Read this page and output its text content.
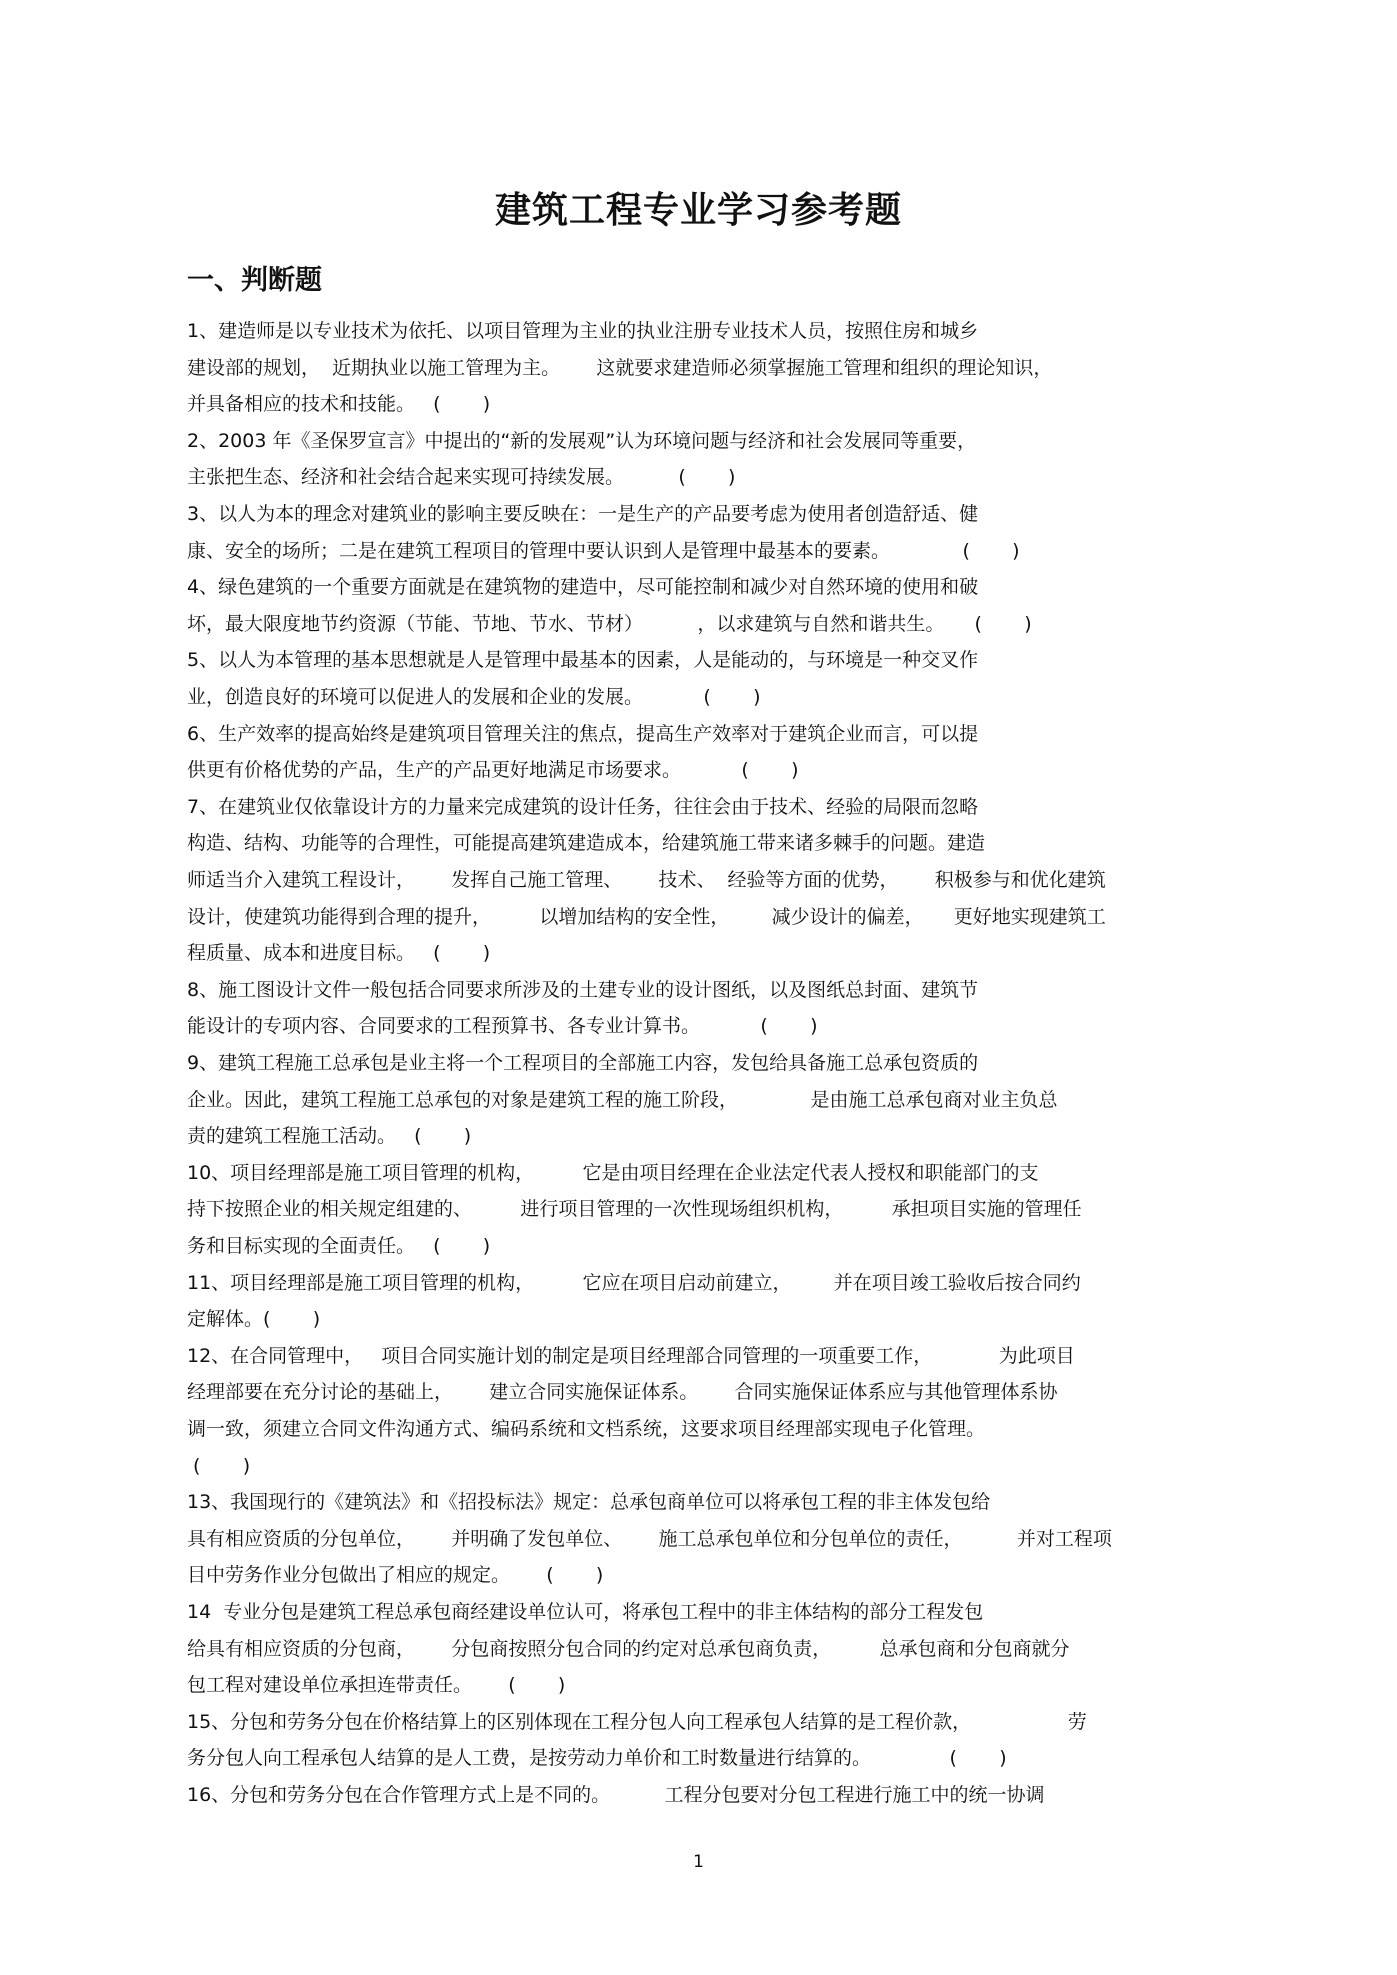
建筑工程专业学习参考题
一、判断题
1、建造师是以专业技术为依托、以项目管理为主业的执业注册专业技术人员，按照住房和城乡
建设部的规划，  近期执业以施工管理为主。      这就要求建造师必须掌握施工管理和组织的理论知识，
并具备相应的技术和技能。   (       )
2、2003 年《圣保罗宣言》中提出的“新的发展观”认为环境问题与经济和社会发展同等重要，
主张把生态、经济和社会结合起来实现可持续发展。         (       )
3、以人为本的理念对建筑业的影响主要反映在：一是生产的产品要考虑为使用者创造舒适、健
康、安全的场所；二是在建筑工程项目的管理中要认识到人是管理中最基本的要素。            (       )
4、绿色建筑的一个重要方面就是在建筑物的建造中，尽可能控制和减少对自然环境的使用和破
坏，最大限度地节约资源（节能、节地、节水、节材）         ，以求建筑与自然和谐共生。     (       )
5、以人为本管理的基本思想就是人是管理中最基本的因素，人是能动的，与环境是一种交叉作
业，创造良好的环境可以促进人的发展和企业的发展。          (       )
6、生产效率的提高始终是建筑项目管理关注的焦点，提高生产效率对于建筑企业而言，可以提
供更有价格优势的产品，生产的产品更好地满足市场要求。          (       )
7、在建筑业仅依靠设计方的力量来完成建筑的设计任务，往往会由于技术、经验的局限而忽略
构造、结构、功能等的合理性，可能提高建筑建造成本，给建筑施工带来诸多棘手的问题。建造
师适当介入建筑工程设计，      发挥自己施工管理、      技术、  经验等方面的优势，      积极参与和优化建筑
设计，使建筑功能得到合理的提升，        以增加结构的安全性，       减少设计的偏差，     更好地实现建筑工
程质量、成本和进度目标。   (       )
8、施工图设计文件一般包括合同要求所涉及的土建专业的设计图纸，以及图纸总封面、建筑节
能设计的专项内容、合同要求的工程预算书、各专业计算书。          (       )
9、建筑工程施工总承包是业主将一个工程项目的全部施工内容，发包给具备施工总承包资质的
企业。因此，建筑工程施工总承包的对象是建筑工程的施工阶段，            是由施工总承包商对业主负总
责的建筑工程施工活动。   (       )
10、项目经理部是施工项目管理的机构，        它是由项目经理在企业法定代表人授权和职能部门的支
持下按照企业的相关规定组建的、        进行项目管理的一次性现场组织机构，        承担项目实施的管理任
务和目标实现的全面责任。   (       )
11、项目经理部是施工项目管理的机构，        它应在项目启动前建立，       并在项目竣工验收后按合同约
定解体。(       )
12、在合同管理中，   项目合同实施计划的制定是项目经理部合同管理的一项重要工作，           为此项目
经理部要在充分讨论的基础上，      建立合同实施保证体系。      合同实施保证体系应与其他管理体系协
调一致，须建立合同文件沟通方式、编码系统和文档系统，这要求项目经理部实现电子化管理。
(       )
13、我国现行的《建筑法》和《招投标法》规定：总承包商单位可以将承包工程的非主体发包给
具有相应资质的分包单位，      并明确了发包单位、      施工总承包单位和分包单位的责任，         并对工程项
目中劳务作业分包做出了相应的规定。      (       )
14  专业分包是建筑工程总承包商经建设单位认可，将承包工程中的非主体结构的部分工程发包
给具有相应资质的分包商，      分包商按照分包合同的约定对总承包商负责，        总承包商和分包商就分
包工程对建设单位承担连带责任。      (       )
15、分包和劳务分包在价格结算上的区别体现在工程分包人向工程承包人结算的是工程价款，                劳
务分包人向工程承包人结算的是人工费，是按劳动力单价和工时数量进行结算的。             (       )
16、分包和劳务分包在合作管理方式上是不同的。         工程分包要对分包工程进行施工中的统一协调
1
